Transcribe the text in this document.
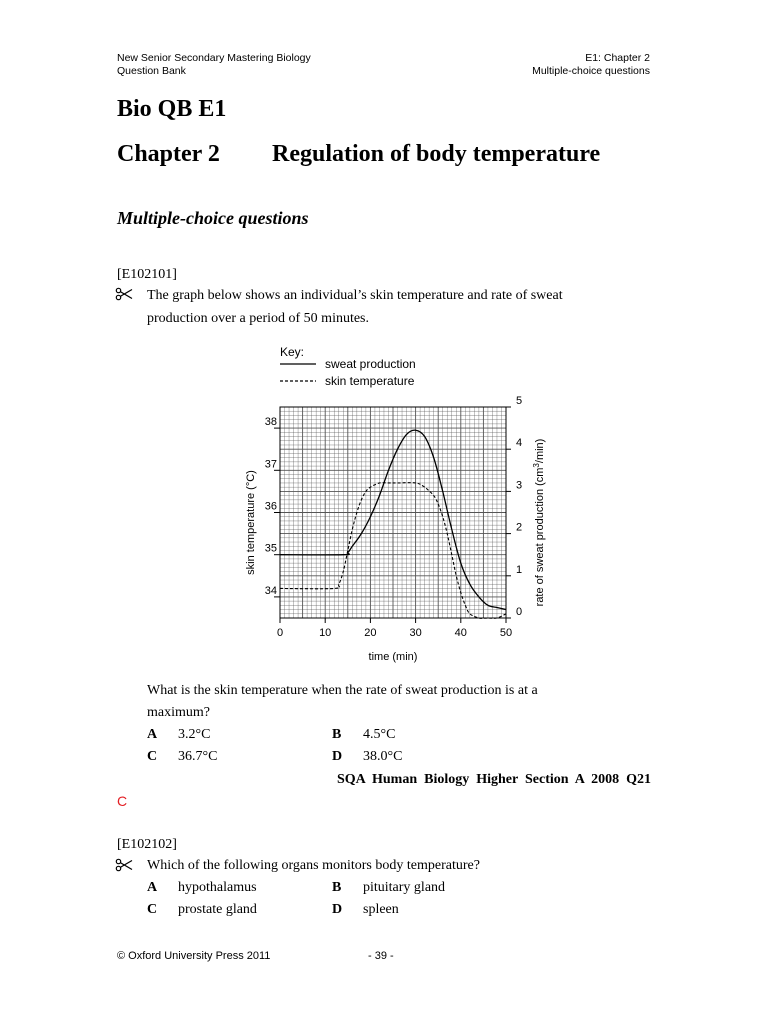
New Senior Secondary Mastering Biology
Question Bank
E1: Chapter 2
Multiple-choice questions
Bio QB E1
Chapter 2 Regulation of body temperature
Multiple-choice questions
[E102101]
The graph below shows an individual’s skin temperature and rate of sweat
production over a period of 50 minutes.
0	10	20	30	40	50
34
35
36
37
38
0
1
2
3
4
5
time (min)
skin temperature (°C)	rate of sweat production $(cm^3/\min)$
Key:
sweat production
skin temperature
What is the skin temperature when the rate of sweat production is at a
maximum?
A 3.2°C	B 4.5°C
C 36.7°C	D 38.0°C
SQA  Human  Biology  Higher  Section  A  2008  Q21
C
[E102102]
Which of the following organs monitors body temperature?
A hypothalamus	B pituitary gland
C prostate gland	D spleen
© Oxford University Press 2011	- 39 -
